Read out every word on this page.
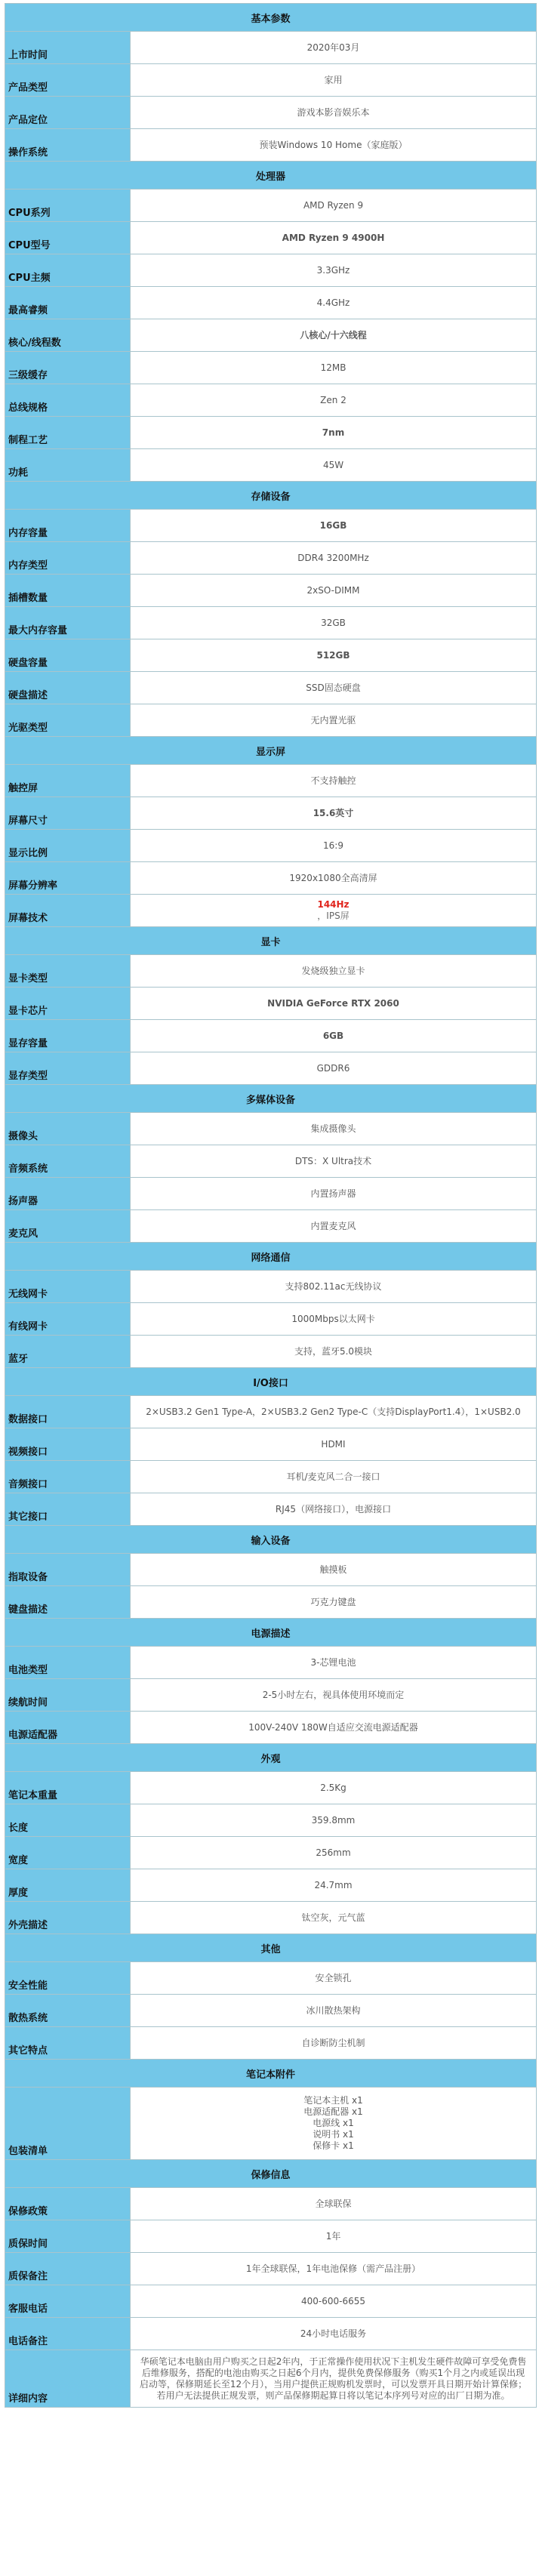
基本参数	
上市时间	2020年03月
产品类型	家用
产品定位	游戏本影音娱乐本
操作系统	预装Windows 10 Home（家庭版）
处理器	
CPU系列	AMD Ryzen 9
CPU型号	AMD Ryzen 9 4900H
CPU主频	3.3GHz
最高睿频	4.4GHz
核心/线程数	八核心/十六线程
三级缓存	12MB
总线规格	Zen 2
制程工艺	7nm
功耗	45W
存储设备	
内存容量	16GB
内存类型	DDR4 3200MHz
插槽数量	2xSO-DIMM
最大内存容量	32GB
硬盘容量	512GB
硬盘描述	SSD固态硬盘
光驱类型	无内置光驱
显示屏	
触控屏	不支持触控
屏幕尺寸	15.6英寸
显示比例	16:9
屏幕分辨率	1920x1080全高清屏
屏幕技术	144Hz
，IPS屏

显卡	
显卡类型	发烧级独立显卡
显卡芯片	NVIDIA GeForce RTX 2060
显存容量	6GB
显存类型	GDDR6
多媒体设备	
摄像头	集成摄像头
音频系统	DTS：X Ultra技术
扬声器	内置扬声器
麦克风	内置麦克风
网络通信	
无线网卡	支持802.11ac无线协议
有线网卡	1000Mbps以太网卡
蓝牙	支持，蓝牙5.0模块
I/O接口	
数据接口	2×USB3.2 Gen1 Type-A，2×USB3.2 Gen2 Type-C（支持DisplayPort1.4），1×USB2.0
视频接口	HDMI
音频接口	耳机/麦克风二合一接口
其它接口	RJ45（网络接口），电源接口
输入设备	
指取设备	触摸板
键盘描述	巧克力键盘
电源描述	
电池类型	3-芯锂电池
续航时间	2-5小时左右，视具体使用环境而定
电源适配器	100V-240V 180W自适应交流电源适配器
外观	
笔记本重量	2.5Kg
长度	359.8mm
宽度	256mm
厚度	24.7mm
外壳描述	钛空灰，元气蓝
其他	
安全性能	安全锁孔
散热系统	冰川散热架构
其它特点	自诊断防尘机制
笔记本附件	
包装清单	笔记本主机 x1
电源适配器 x1
电源线 x1
说明书 x1
保修卡 x1

保修信息	
保修政策	全球联保
质保时间	1年
质保备注	1年全球联保，1年电池保修（需产品注册）
客服电话	400-600-6655
电话备注	24小时电话服务
详细内容	华硕笔记本电脑由用户购买之日起2年内，于正常操作使用状况下主机发生硬件故障可享受免费售后维修服务，搭配的电池由购买之日起6个月内，提供免费保修服务（购买1个月之内或延误出现启动等，保修期延长至12个月），当用户提供正规购机发票时，可以发票开具日期开始计算保修；若用户无法提供正规发票，则产品保修期起算日将以笔记本序列号对应的出厂日期为准。
